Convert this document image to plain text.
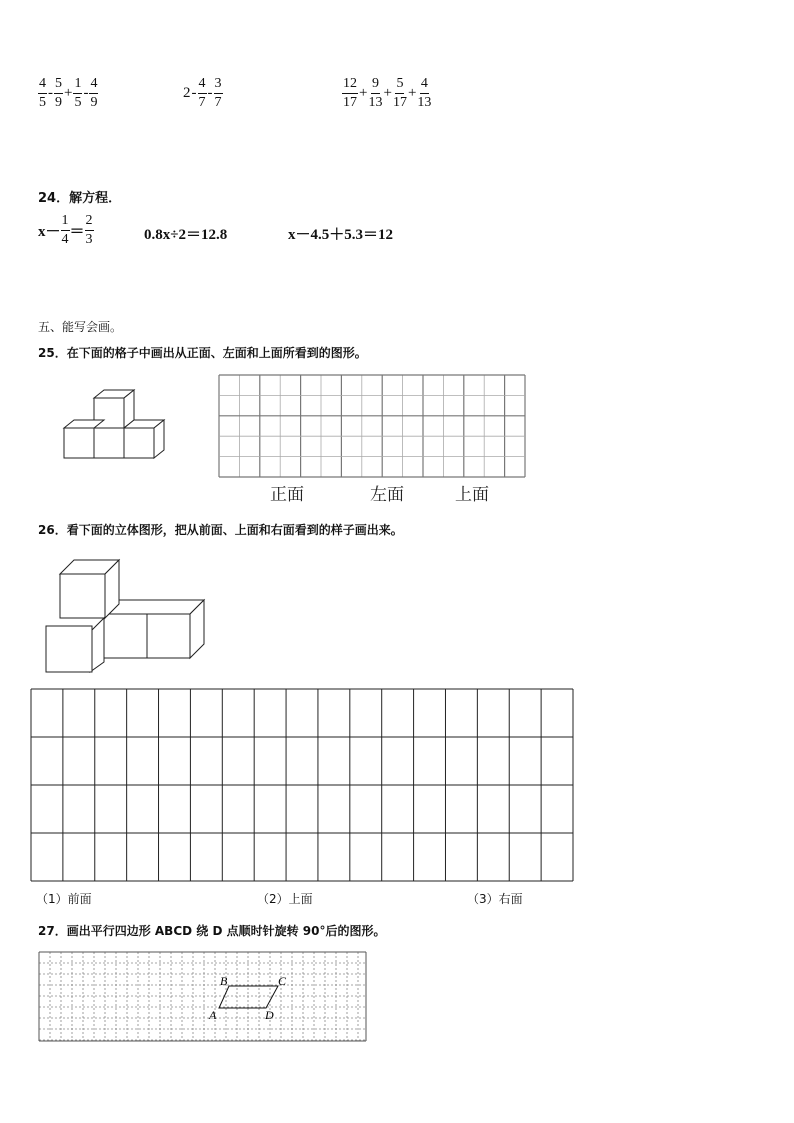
$\frac{4}{5} - \frac{5}{9} + \frac{1}{5} - \frac{4}{9}$	$2 - \frac{4}{7} - \frac{3}{7}$	$\frac{12}{17} + \frac{9}{13} + \frac{5}{17} + \frac{4}{13}$
24．解方程．
$x- \frac{1}{4} = \frac{2}{3}$	0.8x÷2＝12.8	x－4.5＋5.3＝12
五、能写会画。
25．在下面的格子中画出从正面、左面和上面所看到的图形。
正面	左面	上面
26．看下面的立体图形，把从前面、上面和右面看到的样子画出来。
（1）前面	（2）上面	（3）右面
27．画出平行四边形 ABCD 绕 D 点顺时针旋转 90°后的图形。
A
B	C
D
